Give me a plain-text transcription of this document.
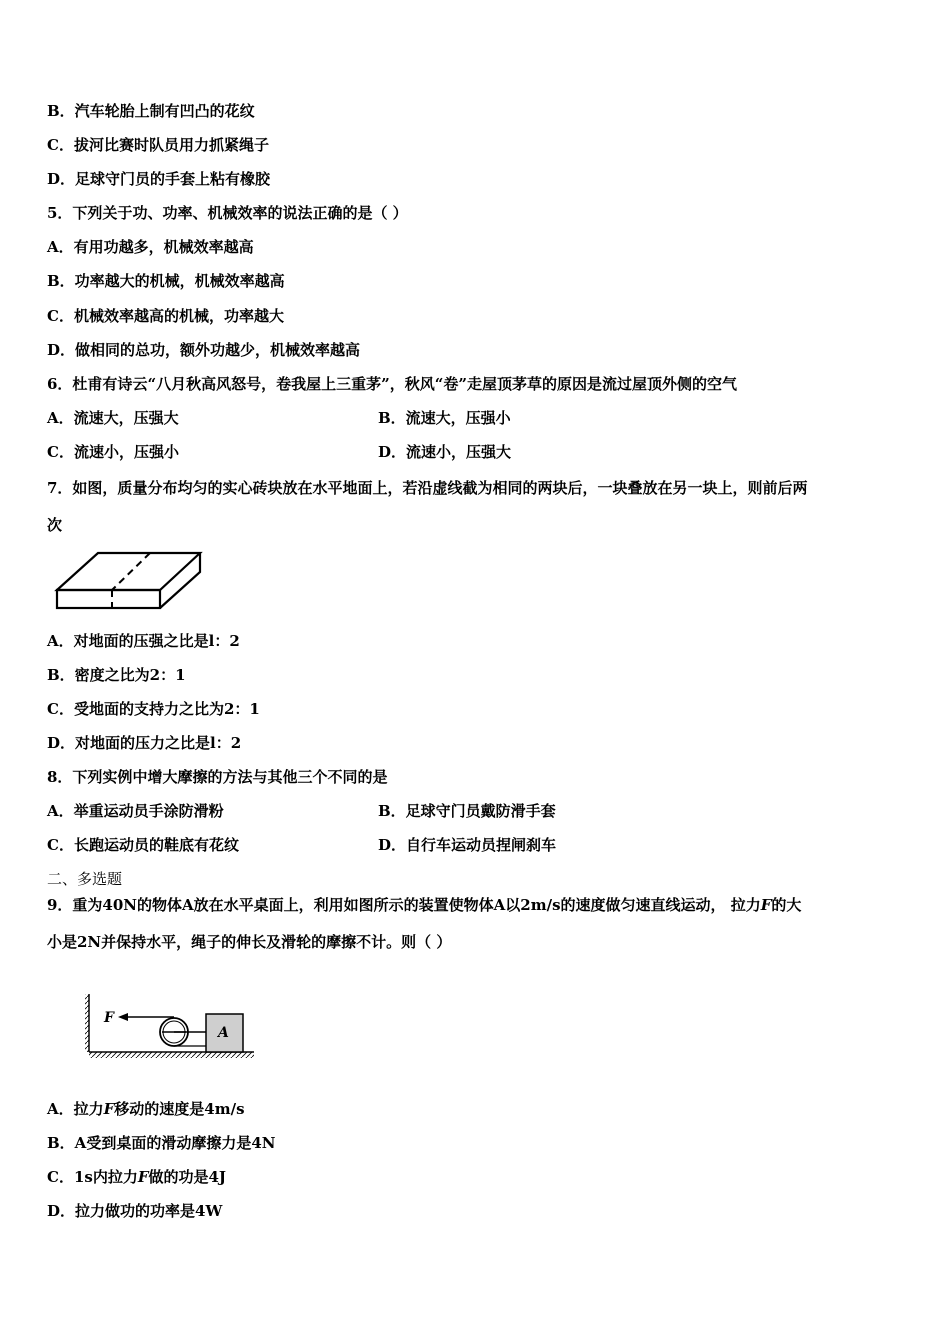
B．汽车轮胎上制有凹凸的花纹
C．拔河比赛时队员用力抓紧绳子
D．足球守门员的手套上粘有橡胶
5．下列关于功、功率、机械效率的说法正确的是（ ）
A．有用功越多，机械效率越高
B．功率越大的机械，机械效率越高
C．机械效率越高的机械，功率越大
D．做相同的总功，额外功越少，机械效率越高
6．杜甫有诗云“八月秋高风怒号，卷我屋上三重茅”，秋风“卷”走屋顶茅草的原因是流过屋顶外侧的空气
A．流速大，压强大	B．流速大，压强小
C．流速小，压强小	D．流速小，压强大
7．如图，质量分布均匀的实心砖块放在水平地面上，若沿虚线截为相同的两块后，一块叠放在另一块上，则前后两
次
A．对地面的压强之比是l：2
B．密度之比为2：1
C．受地面的支持力之比为2：1
D．对地面的压力之比是l：2
8．下列实例中增大摩擦的方法与其他三个不同的是
A．举重运动员手涂防滑粉	B．足球守门员戴防滑手套
C．长跑运动员的鞋底有花纹	D．自行车运动员捏闸刹车
二、多选题
9．重为40N的物体A放在水平桌面上，利用如图所示的装置使物体A以2m/s的速度做匀速直线运动， 拉力F的大
小是2N并保持水平，绳子的伸长及滑轮的摩擦不计。则（ ）
F
A
A．拉力F移动的速度是4m/s
B．A受到桌面的滑动摩擦力是4N
C．1s内拉力F做的功是4J
D．拉力做功的功率是4W
